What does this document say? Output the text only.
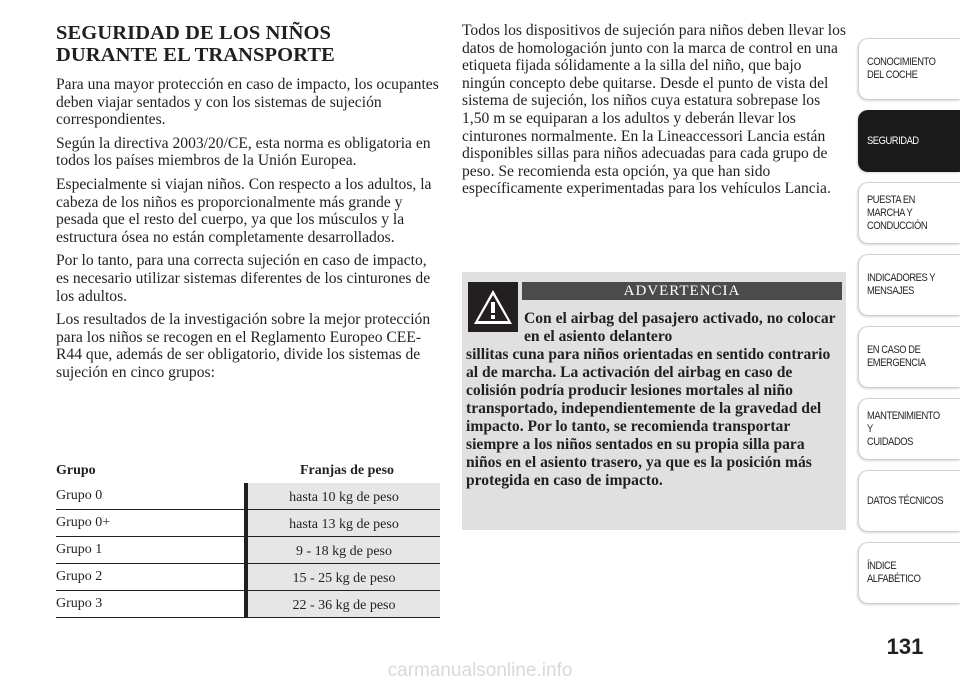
SEGURIDAD DE LOS NIÑOS
DURANTE EL TRANSPORTE

Para una mayor protección en caso de impacto, los ocupantes deben viajar sentados y con los sistemas de sujeción correspondientes.

Según la directiva 2003/20/CE, esta norma es obligatoria en todos los países miembros de la Unión Europea.

Especialmente si viajan niños. Con respecto a los adultos, la cabeza de los niños es proporcionalmente más grande y pesada que el resto del cuerpo, ya que los músculos y la estructura ósea no están completamente desarrollados.

Por lo tanto, para una correcta sujeción en caso de impacto, es necesario utilizar sistemas diferentes de los cinturones de los adultos.

Los resultados de la investigación sobre la mejor protección para los niños se recogen en el Reglamento Europeo CEE- R44 que, además de ser obligatorio, divide los sistemas de sujeción en cinco grupos:

Grupo	Franjas de peso
Grupo 0	hasta 10 kg de peso
Grupo 0+	hasta 13 kg de peso
Grupo 1	9 - 18 kg de peso
Grupo 2	15 - 25 kg de peso
Grupo 3	22 - 36 kg de peso

Todos los dispositivos de sujeción para niños deben llevar los datos de homologación junto con la marca de control en una etiqueta fijada sólidamente a la silla del niño, que bajo ningún concepto debe quitarse. Desde el punto de vista del sistema de sujeción, los niños cuya estatura sobrepase los 1,50 m se equiparan a los adultos y deberán llevar los cinturones normalmente. En la Lineaccessori Lancia están disponibles sillas para niños adecuadas para cada grupo de peso. Se recomienda esta opción, ya que han sido específicamente experimentadas para los vehículos Lancia.

ADVERTENCIA

Con el airbag del pasajero activado, no colocar en el asiento delantero
sillitas cuna para niños orientadas en sentido contrario al de marcha. La activación del airbag en caso de colisión podría producir lesiones mortales al niño transportado, independientemente de la gravedad del impacto. Por lo tanto, se recomienda transportar siempre a los niños sentados en su propia silla para niños en el asiento trasero, ya que es la posición más protegida en caso de impacto.

CONOCIMIENTO
DEL COCHE
SEGURIDAD
PUESTA EN
MARCHA Y
CONDUCCIÓN
INDICADORES Y
MENSAJES
EN CASO DE
EMERGENCIA
MANTENIMIENTO Y
CUIDADOS
DATOS TÉCNICOS
ÍNDICE
ALFABÉTICO
131
carmanualsonline.info
